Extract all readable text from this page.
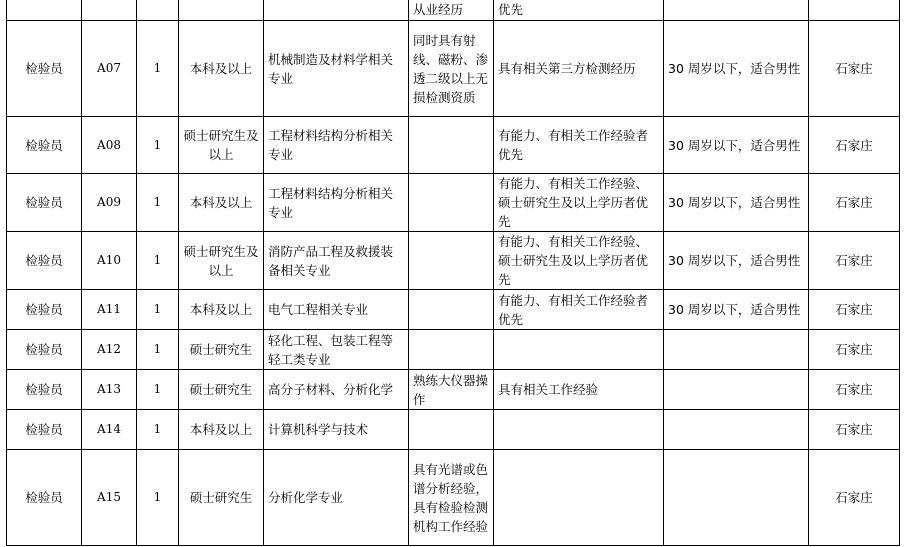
					从业经历	优先		
检验员	A07	1	本科及以上	机械制造及材料学相关专业	同时具有射线、磁粉、渗透二级以上无损检测资质	具有相关第三方检测经历	30 周岁以下，适合男性	石家庄
检验员	A08	1	硕士研究生及以上	工程材料结构分析相关专业		有能力、有相关工作经验者优先	30 周岁以下，适合男性	石家庄
检验员	A09	1	本科及以上	工程材料结构分析相关专业		有能力、有相关工作经验、硕士研究生及以上学历者优先	30 周岁以下，适合男性	石家庄
检验员	A10	1	硕士研究生及以上	消防产品工程及救援装备相关专业		有能力、有相关工作经验、硕士研究生及以上学历者优先	30 周岁以下，适合男性	石家庄
检验员	A11	1	本科及以上	电气工程相关专业		有能力、有相关工作经验者优先	30 周岁以下，适合男性	石家庄
检验员	A12	1	硕士研究生	轻化工程、包装工程等轻工类专业				石家庄
检验员	A13	1	硕士研究生	高分子材料、分析化学	熟练大仪器操作	具有相关工作经验		石家庄
检验员	A14	1	本科及以上	计算机科学与技术				石家庄
检验员	A15	1	硕士研究生	分析化学专业	具有光谱或色谱分析经验，具有检验检测机构工作经验			石家庄
